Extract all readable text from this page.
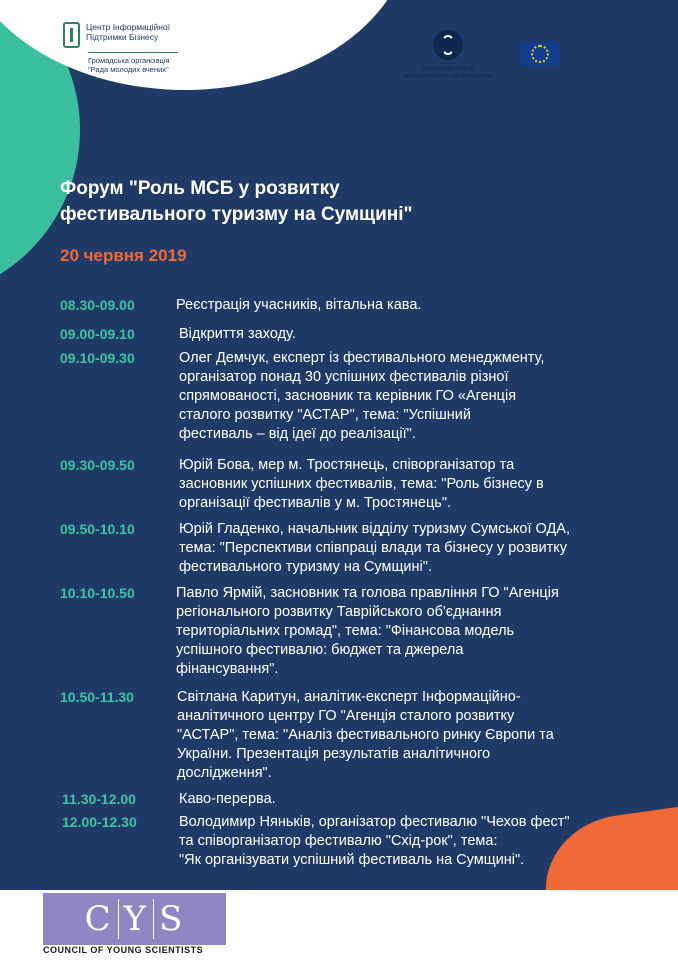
Центр Інформаційної
Підтримки Бізнесу
Громадська організація
"Рада молодих вчених"	European Bank
for Reconstruction and Development
EU4Business
ПРЯМУЄМО
РАЗОМ
Форум "Роль МСБ у розвитку
фестивального туризму на Сумщині"
20 червня 2019
08.30-09.00	Реєстрація учасників, вітальна кава.
09.00-09.10	Відкриття заходу.
09.10-09.30	Олег Демчук, експерт із фестивального менеджменту,
організатор понад 30 успішних фестивалів різної
спрямованості, засновник та керівник ГО «Агенція
сталого розвитку "АСТАР", тема: "Успішний
фестиваль – від ідеї до реалізації".
09.30-09.50	Юрій Бова, мер м. Тростянець, співорганізатор та
засновник успішних фестивалів, тема: "Роль бізнесу в
організації фестивалів у м. Тростянець".
09.50-10.10	Юрій Гладенко, начальник відділу туризму Сумської ОДА,
тема: "Перспективи співпраці влади та бізнесу у розвитку
фестивального туризму на Сумщині".
10.10-10.50	Павло Ярмій, засновник та голова правління ГО "Агенція
регіонального розвитку Таврійського об'єднання
територіальних громад", тема: "Фінансова модель
успішного фестивалю: бюджет та джерела
фінансування".
10.50-11.30	Світлана Каритун, аналітик-експерт Інформаційно-
аналітичного центру ГО "Агенція сталого розвитку
"АСТАР", тема: "Аналіз фестивального ринку Європи та
України. Презентація результатів аналітичного
дослідження".
11.30-12.00	Каво-перерва.
12.00-12.30	Володимир Няньків, організатор фестивалю "Чехов фест"
та співорганізатор фестивалю "Схід-рок", тема:
"Як організувати успішний фестиваль на Сумщині".
C Y S
COUNCIL OF YOUNG SCIENTISTS
